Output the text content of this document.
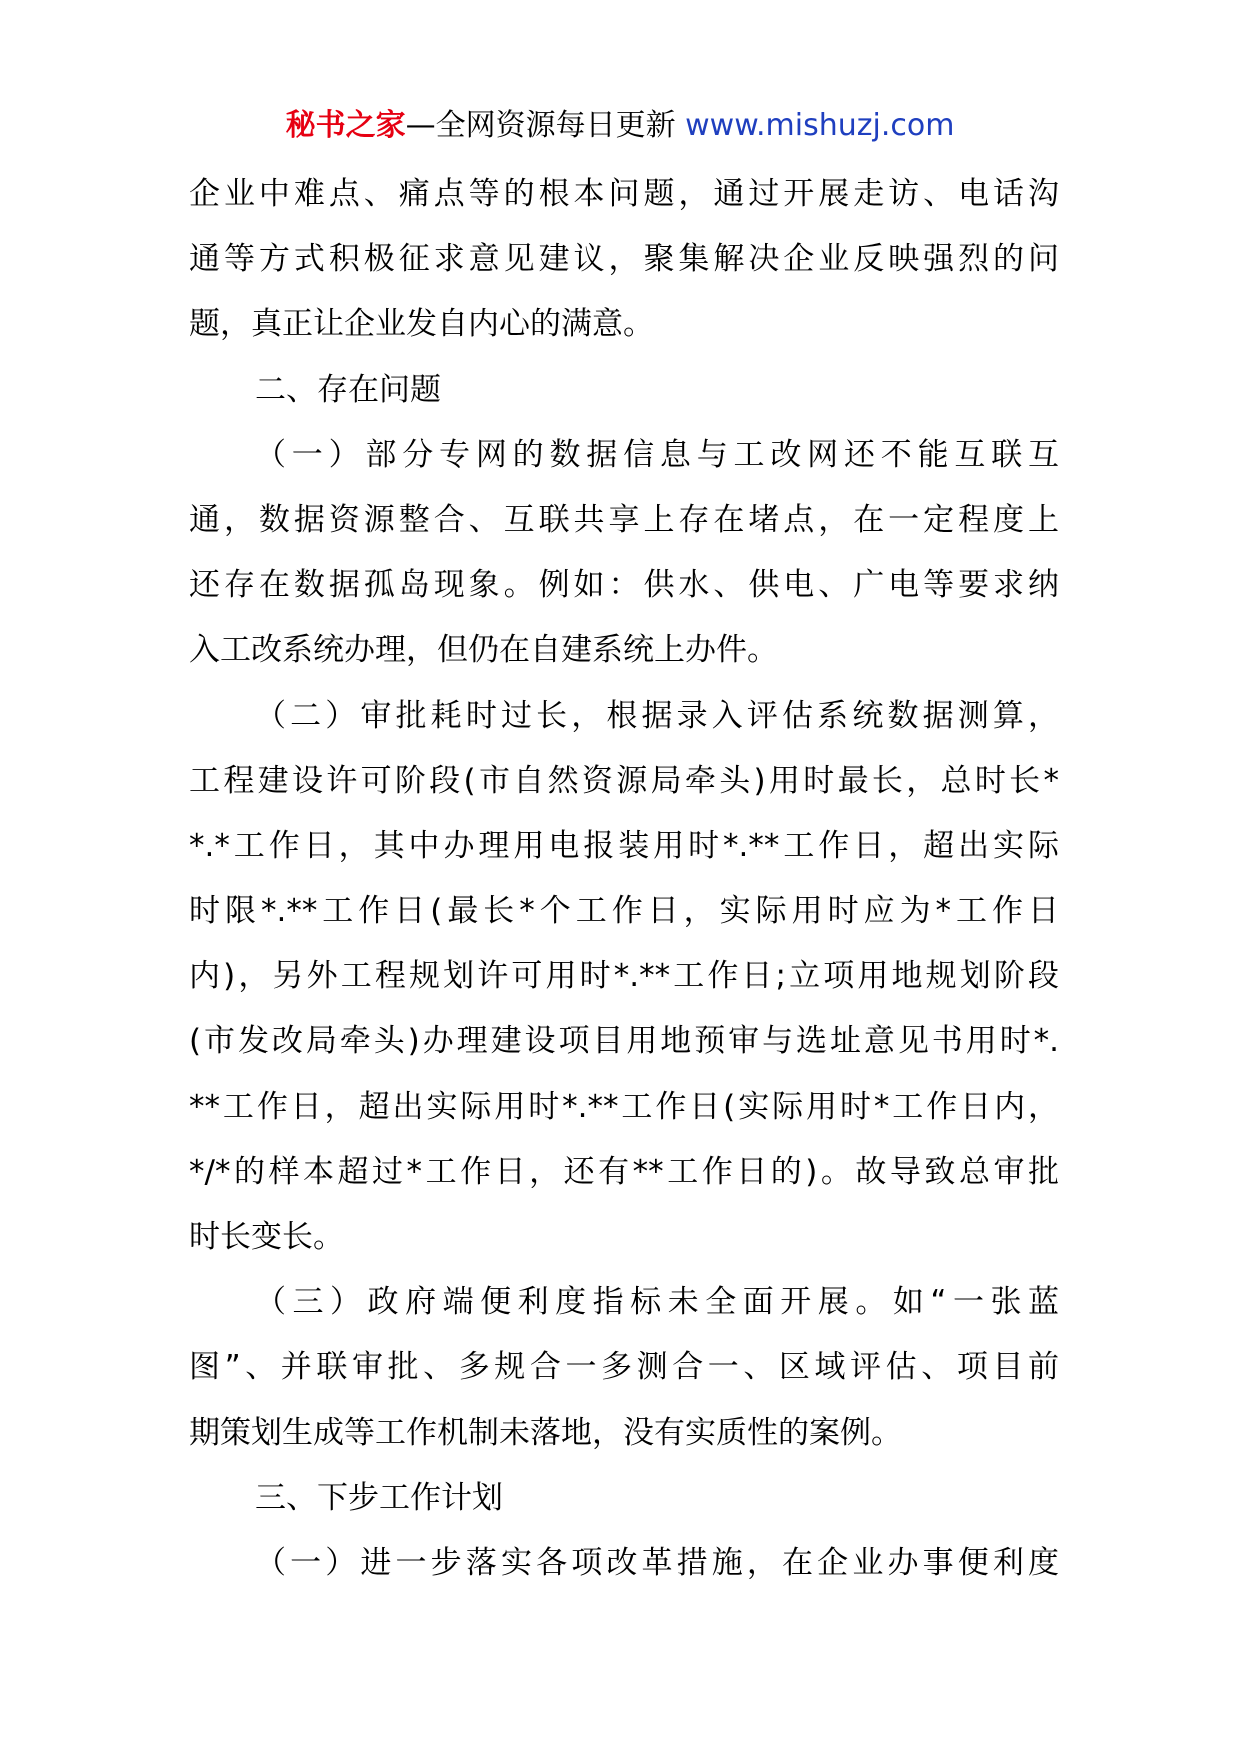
秘书之家—全网资源每日更新 www.mishuzj.com
企业中难点、痛点等的根本问题，通过开展走访、电话沟
通等方式积极征求意见建议，聚集解决企业反映强烈的问
题，真正让企业发自内心的满意。
二、存在问题
（一）部分专网的数据信息与工改网还不能互联互
通，数据资源整合、互联共享上存在堵点，在一定程度上
还存在数据孤岛现象。例如：供水、供电、广电等要求纳
入工改系统办理，但仍在自建系统上办件。
（二）审批耗时过长，根据录入评估系统数据测算，
工程建设许可阶段(市自然资源局牵头)用时最长，总时长*
*.*工作日，其中办理用电报装用时*.**工作日，超出实际
时限*.**工作日(最长*个工作日，实际用时应为*工作日
内)，另外工程规划许可用时*.**工作日;立项用地规划阶段
(市发改局牵头)办理建设项目用地预审与选址意见书用时*.
**工作日，超出实际用时*.**工作日(实际用时*工作日内，
*/*的样本超过*工作日，还有**工作日的)。故导致总审批
时长变长。
（三）政府端便利度指标未全面开展。如“一张蓝
图”、并联审批、多规合一多测合一、区域评估、项目前
期策划生成等工作机制未落地，没有实质性的案例。
三、下步工作计划
（一）进一步落实各项改革措施，在企业办事便利度
